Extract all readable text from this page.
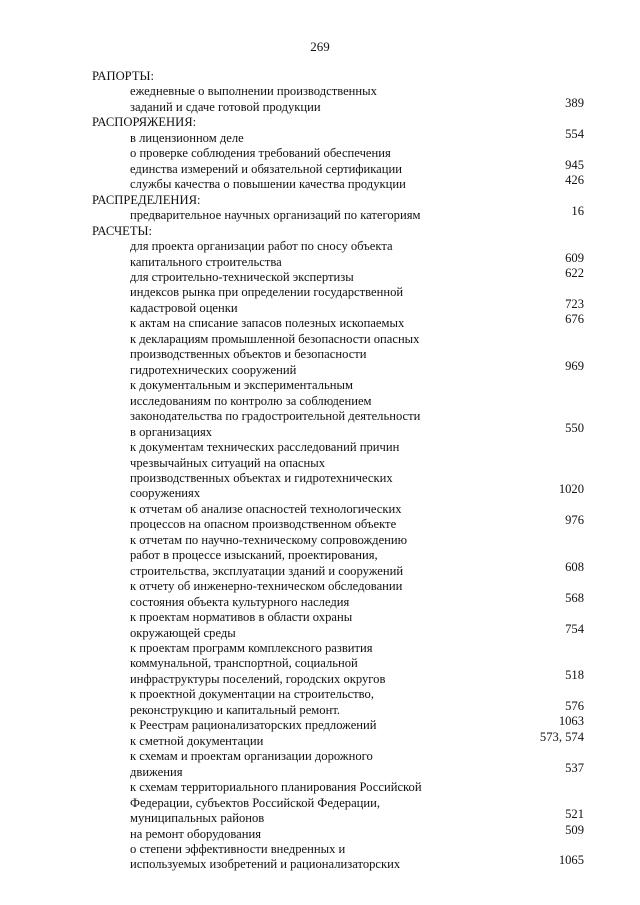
269
РАПОРТЫ:
ежедневные о выполнении производственных
заданий и сдаче готовой продукции	389
РАСПОРЯЖЕНИЯ:
в лицензионном деле	554
о проверке соблюдения требований обеспечения
единства измерений и обязательной сертификации	945
службы качества о повышении качества продукции	426
РАСПРЕДЕЛЕНИЯ:
предварительное научных организаций по категориям	16
РАСЧЕТЫ:
для проекта организации работ по сносу объекта
капитального строительства	609
для строительно-технической экспертизы	622
индексов рынка при определении государственной
кадастровой оценки	723
к актам на списание запасов полезных ископаемых	676
к декларациям промышленной безопасности опасных
производственных объектов и безопасности
гидротехнических сооружений	969
к документальным и экспериментальным
исследованиям по контролю за соблюдением
законодательства по градостроительной деятельности
в организациях	550
к документам технических расследований причин
чрезвычайных ситуаций на опасных
производственных объектах и гидротехнических
сооружениях	1020
к отчетам об анализе опасностей технологических
процессов на опасном производственном объекте	976
к отчетам по научно-техническому сопровождению
работ в процессе изысканий, проектирования,
строительства, эксплуатации зданий и сооружений	608
к отчету об инженерно-техническом обследовании
состояния объекта культурного наследия	568
к проектам нормативов в области охраны
окружающей среды	754
к проектам программ комплексного развития
коммунальной, транспортной, социальной
инфраструктуры поселений, городских округов	518
к проектной документации на строительство,
реконструкцию и капитальный ремонт.	576
к Реестрам рационализаторских предложений	1063
к сметной документации	573, 574
к схемам и проектам организации дорожного
движения	537
к схемам территориального планирования Российской
Федерации, субъектов Российской Федерации,
муниципальных районов	521
на ремонт оборудования	509
о степени эффективности внедренных и
используемых изобретений и рационализаторских	1065
